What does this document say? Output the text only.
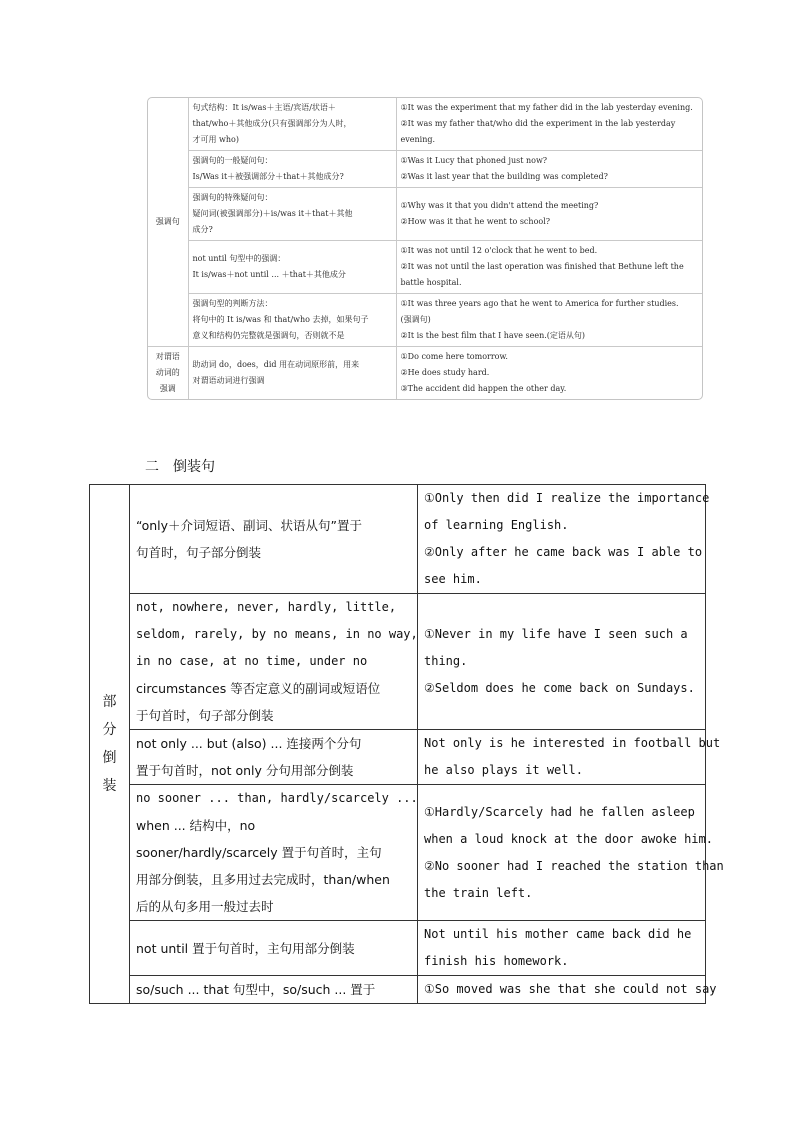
强调句	句式结构：It is/was＋主语/宾语/状语＋
that/who＋其他成分(只有强调部分为人时，
才可用 who)	①It was the experiment that my father did in the lab yesterday evening.
②It was my father that/who did the experiment in the lab yesterday
evening.

	强调句的一般疑问句：
Is/Was it＋被强调部分＋that＋其他成分?	①Was it Lucy that phoned just now?
②Was it last year that the building was completed?

	强调句的特殊疑问句：
疑问词(被强调部分)＋is/was it＋that＋其他
成分?	①Why was it that you didn't attend the meeting?
②How was it that he went to school?

	not until 句型中的强调：
It is/was＋not until ... ＋that＋其他成分	①It was not until 12 o'clock that he went to bed.
②It was not until the last operation was finished that Bethune left the
battle hospital.

	强调句型的判断方法：
将句中的 It is/was 和 that/who 去掉，如果句子
意义和结构仍完整就是强调句，否则就不是	①It was three years ago that he went to America for further studies.
(强调句)
②It is the best film that I have seen.(定语从句)

对谓语
动词的
强调	助动词 do，does，did 用在动词原形前，用来
对谓语动词进行强调	①Do come here tomorrow.
②He does study hard.
③The accident did happen the other day.
二 倒装句
部
分
倒
装	“only＋介词短语、副词、状语从句”置于
句首时，句子部分倒装	①Only then did I realize the importance
of learning English.
②Only after he came back was I able to
see him.

	not, nowhere, never, hardly, little,
seldom, rarely, by no means, in no way,
in no case, at no time, under no
circumstances 等否定意义的副词或短语位
于句首时，句子部分倒装	①Never in my life have I seen such a
thing.
②Seldom does he come back on Sundays.

	not only ... but (also) ... 连接两个分句
置于句首时，not only 分句用部分倒装	Not only is he interested in football but
he also plays it well.

	no sooner ... than, hardly/scarcely ...
when ... 结构中，no
sooner/hardly/scarcely 置于句首时，主句
用部分倒装，且多用过去完成时，than/when
后的从句多用一般过去时	①Hardly/Scarcely had he fallen asleep
when a loud knock at the door awoke him.
②No sooner had I reached the station than
the train left.

	not until 置于句首时，主句用部分倒装	Not until his mother came back did he
finish his homework.

	so/such ... that 句型中，so/such ... 置于	①So moved was she that she could not say
